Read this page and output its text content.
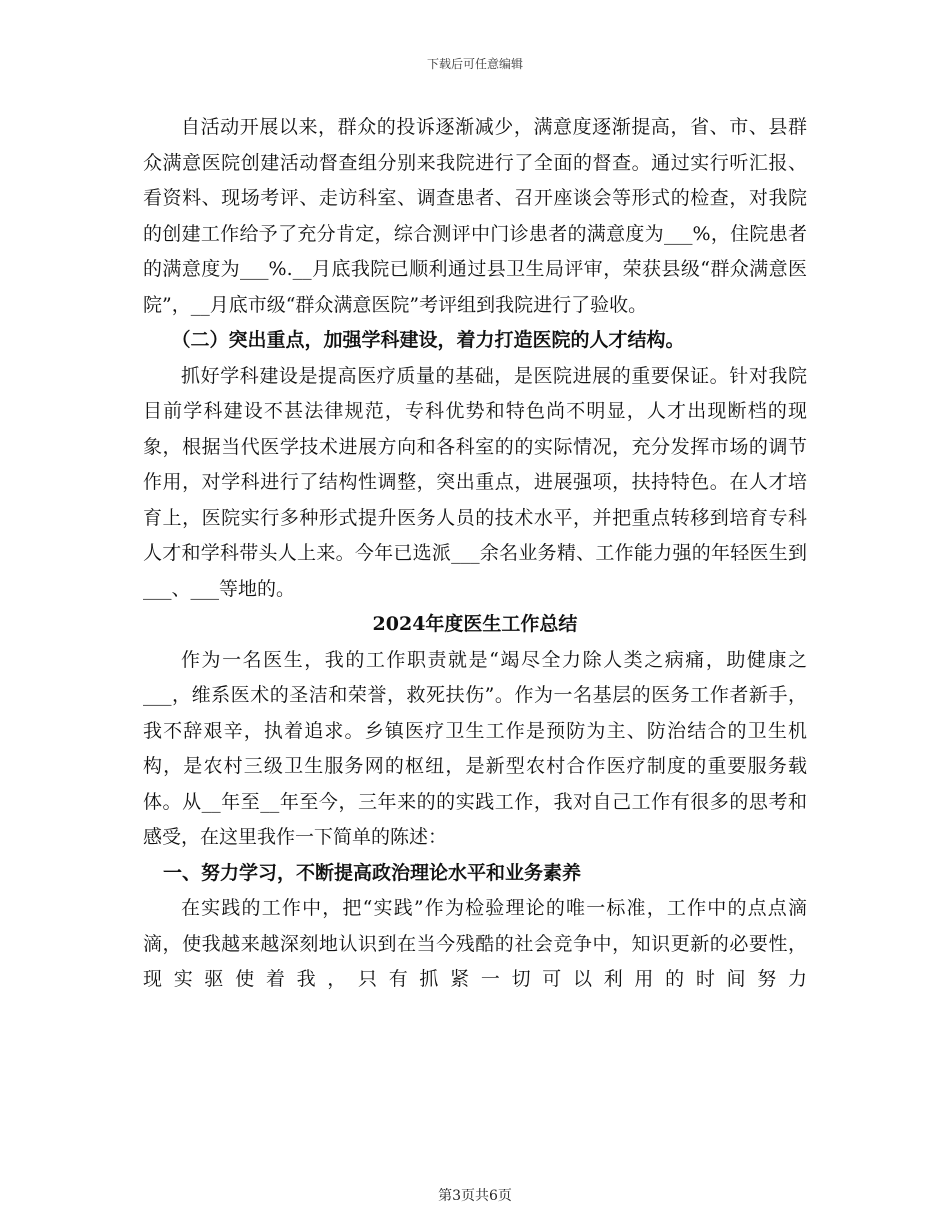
下载后可任意编辑

自活动开展以来，群众的投诉逐渐减少，满意度逐渐提高，省、市、县群众满意医院创建活动督查组分别来我院进行了全面的督查。通过实行听汇报、看资料、现场考评、走访科室、调查患者、召开座谈会等形式的检查，对我院的创建工作给予了充分肯定，综合测评中门诊患者的满意度为___%，住院患者的满意度为___%.__月底我院已顺利通过县卫生局评审，荣获县级“群众满意医院”，__月底市级“群众满意医院”考评组到我院进行了验收。

（二）突出重点，加强学科建设，着力打造医院的人才结构。

抓好学科建设是提高医疗质量的基础，是医院进展的重要保证。针对我院目前学科建设不甚法律规范，专科优势和特色尚不明显，人才出现断档的现象，根据当代医学技术进展方向和各科室的的实际情况，充分发挥市场的调节作用，对学科进行了结构性调整，突出重点，进展强项，扶持特色。在人才培育上，医院实行多种形式提升医务人员的技术水平，并把重点转移到培育专科人才和学科带头人上来。今年已选派___余名业务精、工作能力强的年轻医生到___、___等地的。

2024年度医生工作总结

作为一名医生，我的工作职责就是“竭尽全力除人类之病痛，助健康之___，维系医术的圣洁和荣誉，救死扶伤”。作为一名基层的医务工作者新手，我不辞艰辛，执着追求。乡镇医疗卫生工作是预防为主、防治结合的卫生机构，是农村三级卫生服务网的枢纽，是新型农村合作医疗制度的重要服务载体。从__年至__年至今，三年来的的实践工作，我对自己工作有很多的思考和感受，在这里我作一下简单的陈述：

一、努力学习，不断提高政治理论水平和业务素养

在实践的工作中，把“实践”作为检验理论的唯一标准，工作中的点点滴滴，使我越来越深刻地认识到在当今残酷的社会竞争中，知识更新的必要性，现实驱使着我，只有抓紧一切可以利用的时间努力

第3页共6页
